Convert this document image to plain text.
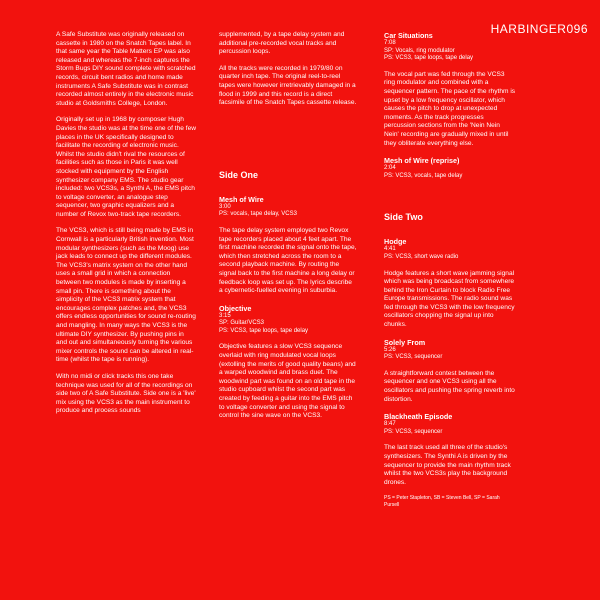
HARBINGER096

A Safe Substitute was originally released on cassette in 1980 on the Snatch Tapes label. In that same year the Table Matters EP was also released and whereas the 7-inch captures the Storm Bugs DIY sound complete with scratched records, circuit bent radios and home made instruments A Safe Substitute was in contrast recorded almost entirely in the electronic music studio at Goldsmiths College, London.

Originally set up in 1968 by composer Hugh Davies the studio was at the time one of the few places in the UK specifically designed to facilitate the recording of electronic music. Whilst the studio didn't rival the resources of facilities such as those in Paris it was well stocked with equipment by the English synthesizer company EMS. The studio gear included: two VCS3s, a Synthi A, the EMS pitch to voltage converter, an analogue step sequencer, two graphic equalizers and a number of Revox two-track tape recorders.

The VCS3, which is still being made by EMS in Cornwall is a particularly British invention. Most modular synthesizers (such as the Moog) use jack leads to connect up the different modules. The VCS3's matrix system on the other hand uses a small grid in which a connection between two modules is made by inserting a small pin. There is something about the simplicity of the VCS3 matrix system that encourages complex patches and, the VCS3 offers endless opportunities for sound re-routing and mangling. In many ways the VCS3 is the ultimate DIY synthesizer. By pushing pins in and out and simultaneously turning the various mixer controls the sound can be altered in real-time (whilst the tape is running).

With no midi or click tracks this one take technique was used for all of the recordings on side two of A Safe Substitute. Side one is a 'live' mix using the VCS3 as the main instrument to produce and process sounds

supplemented, by a tape delay system and additional pre-recorded vocal tracks and percussion loops.

All the tracks were recorded in 1979/80 on quarter inch tape. The original reel-to-reel tapes were however irretrievably damaged in a flood in 1999 and this record is a direct facsimile of the Snatch Tapes cassette release.

Side One
Mesh of Wire
3:00
PS: vocals, tape delay, VCS3

The tape delay system employed two Revox tape recorders placed about 4 feet apart. The first machine recorded the signal onto the tape, which then stretched across the room to a second playback machine. By routing the signal back to the first machine a long delay or feedback loop was set up. The lyrics describe a cybernetic-fuelled evening in suburbia.

Objective
3:15
SP: Guitar/VCS3
PS: VCS3, tape loops, tape delay

Objective features a slow VCS3 sequence overlaid with ring modulated vocal loops (extolling the merits of good quality beans) and a warped woodwind and brass duet. The woodwind part was found on an old tape in the studio cupboard whilst the second part was created by feeding a guitar into the EMS pitch to voltage converter and using the signal to control the sine wave on the VCS3.

Car Situations
7:08
SP: Vocals, ring modulator
PS: VCS3, tape loops, tape delay

The vocal part was fed through the VCS3 ring modulator and combined with a sequencer pattern. The pace of the rhythm is upset by a low frequency oscillator, which causes the pitch to drop at unexpected moments. As the track progresses percussion sections from the 'Nein Nein Nein' recording are gradually mixed in until they obliterate everything else.

Mesh of Wire (reprise)
2:04
PS: VCS3, vocals, tape delay
Side Two
Hodge
4:41
PS: VCS3, short wave radio

Hodge features a short wave jamming signal which was being broadcast from somewhere behind the Iron Curtain to block Radio Free Europe transmissions. The radio sound was fed through the VCS3 with the low frequency oscillators chopping the signal up into chunks.

Solely From
5:26
PS: VCS3, sequencer

A straightforward contest between the sequencer and one VCS3 using all the oscillators and pushing the spring reverb into distortion.

Blackheath Episode
8:47
PS: VCS3, sequencer

The last track used all three of the studio's synthesizers. The Synthi A is driven by the sequencer to provide the main rhythm track whilst the two VCS3s play the background drones.

PS = Peter Stapleton, SB = Steven Bell, SP = Sarah Pursell
